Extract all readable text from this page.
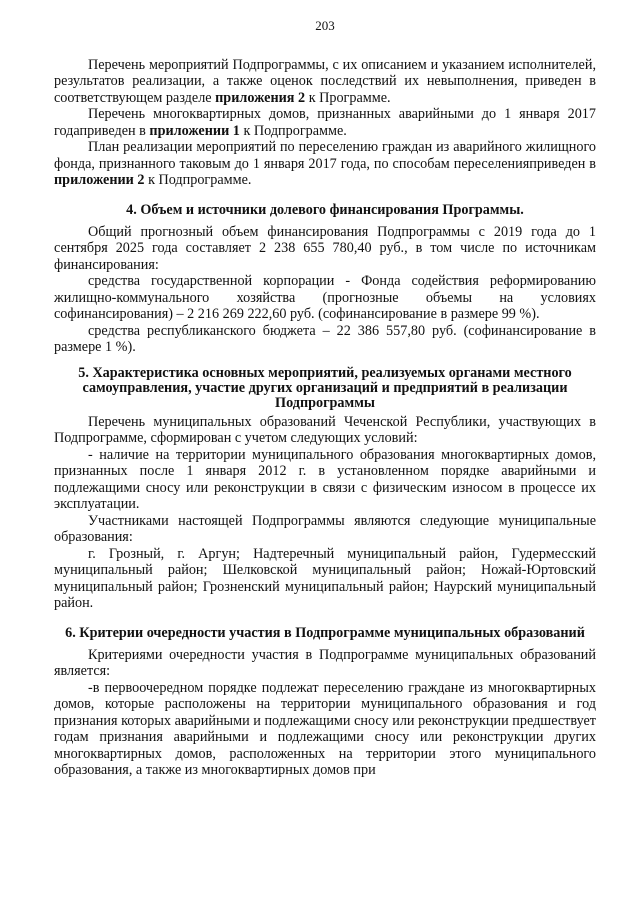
203

Перечень мероприятий Подпрограммы, с их описанием и указанием исполнителей, результатов реализации, а также оценок последствий их невыполнения, приведен в соответствующем разделе приложения 2 к Программе.

Перечень многоквартирных домов, признанных аварийными до 1 января 2017 годаприведен в приложении 1 к Подпрограмме.

План реализации мероприятий по переселению граждан из аварийного жилищного фонда, признанного таковым до 1 января 2017 года, по способам переселенияприведен в приложении 2 к Подпрограмме.

4. Объем и источники долевого финансирования Программы.

Общий прогнозный объем финансирования Подпрограммы с 2019 года до 1 сентября 2025 года составляет 2 238 655 780,40 руб., в том числе по источникам финансирования:

средства государственной корпорации - Фонда содействия реформированию жилищно-коммунального хозяйства (прогнозные объемы на условиях софинансирования) – 2 216 269 222,60 руб. (софинансирование в размере 99 %).

средства республиканского бюджета – 22 386 557,80 руб. (софинансирование в размере 1 %).

5. Характеристика основных мероприятий, реализуемых органами местного самоуправления, участие других организаций и предприятий в реализации Подпрограммы

Перечень муниципальных образований Чеченской Республики, участвующих в Подпрограмме, сформирован с учетом следующих условий:

- наличие на территории муниципального образования многоквартирных домов, признанных после 1 января 2012 г. в установленном порядке аварийными и подлежащими сносу или реконструкции в связи с физическим износом в процессе их эксплуатации.

Участниками настоящей Подпрограммы являются следующие муниципальные образования:

г. Грозный, г. Аргун; Надтеречный муниципальный район, Гудермесский муниципальный район; Шелковской муниципальный район; Ножай-Юртовский муниципальный район; Грозненский муниципальный район; Наурский муниципальный район.

6. Критерии очередности участия в Подпрограмме муниципальных образований

Критериями очередности участия в Подпрограмме муниципальных образований является:

-в первоочередном порядке подлежат переселению граждане из многоквартирных домов, которые расположены на территории муниципального образования и год признания которых аварийными и подлежащими сносу или реконструкции предшествует годам признания аварийными и подлежащими сносу или реконструкции других многоквартирных домов, расположенных на территории этого муниципального образования, а также из многоквартирных домов при
